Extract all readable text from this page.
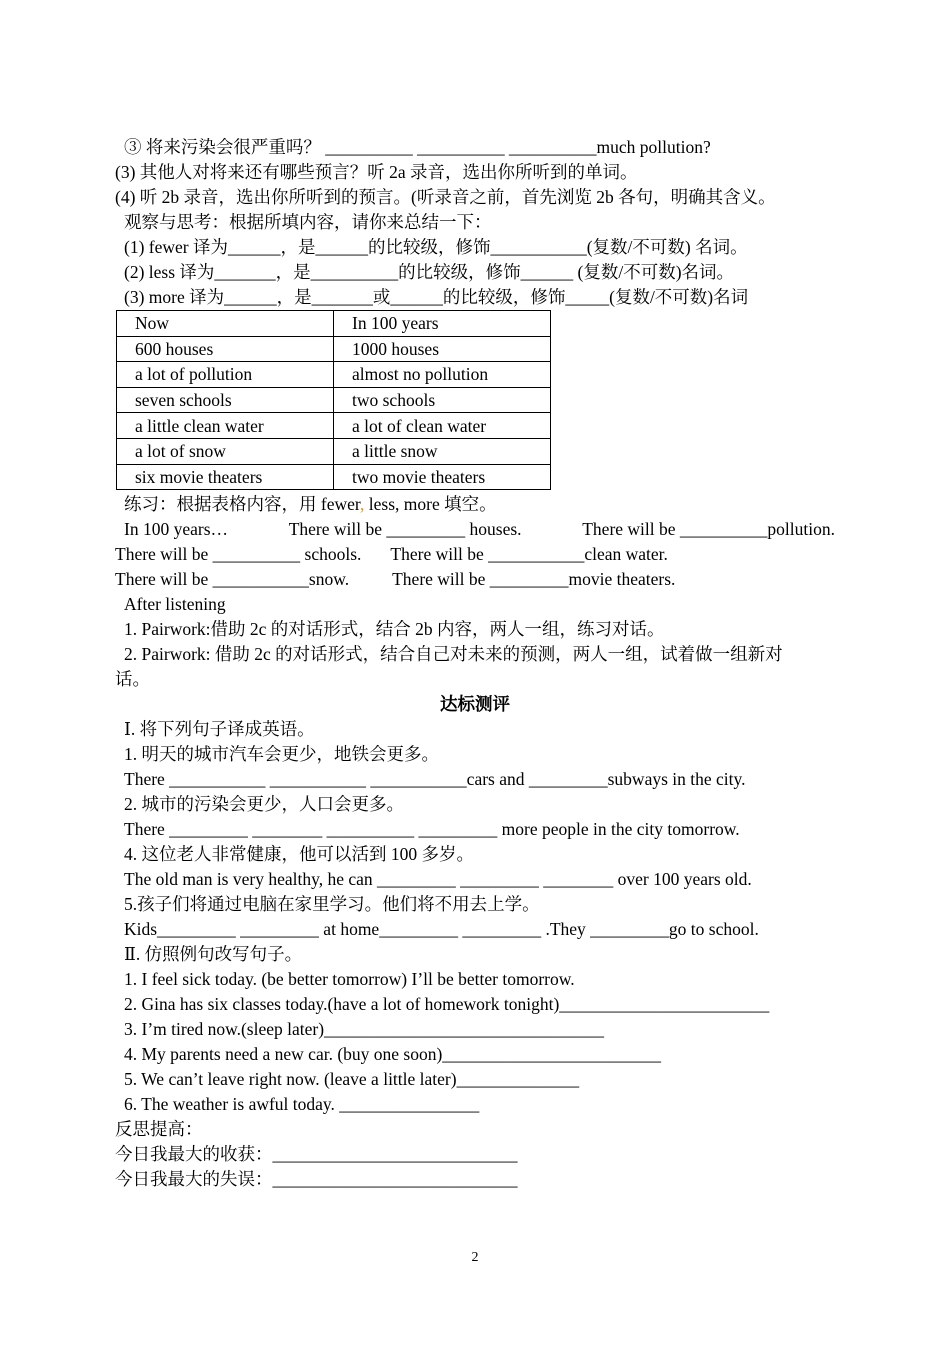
③ 将来污染会很严重吗？ __________ __________ __________much pollution?
(3) 其他人对将来还有哪些预言？听 2a 录音，选出你所听到的单词。
(4) 听 2b 录音，选出你所听到的预言。(听录音之前，首先浏览 2b 各句，明确其含义。
观察与思考：根据所填内容，请你来总结一下：
(1) fewer 译为______，是______的比较级，修饰___________(复数/不可数) 名词。
(2) less 译为_______，是__________的比较级，修饰______ (复数/不可数)名词。
(3) more 译为______，是_______或______的比较级，修饰_____(复数/不可数)名词
Now	In 100 years
600 houses	1000 houses
a lot of pollution	almost no pollution
seven schools	two schools
a little clean water	a lot of clean water
a lot of snow	a little snow
six movie theaters	two movie theaters
练习：根据表格内容，用 fewer, less, more 填空。
In 100 years…	There will be _________ houses.	There will be __________pollution.
There will be __________ schools. There will be ___________clean water.
There will be ___________snow. There will be _________movie theaters.
After listening
1. Pairwork:借助 2c 的对话形式，结合 2b 内容，两人一组，练习对话。
2. Pairwork: 借助 2c 的对话形式，结合自己对未来的预测，两人一组，试着做一组新对
话。
达标测评
Ⅰ. 将下列句子译成英语。
1. 明天的城市汽车会更少，地铁会更多。
There ___________ ___________ ___________cars and _________subways in the city.
2. 城市的污染会更少，人口会更多。
There _________ ________ __________ _________ more people in the city tomorrow.
4. 这位老人非常健康，他可以活到 100 多岁。
The old man is very healthy, he can _________ _________ ________ over 100 years old.
5.孩子们将通过电脑在家里学习。他们将不用去上学。
Kids_________ _________ at home_________ _________ .They _________go to school.
Ⅱ. 仿照例句改写句子。
1. I feel sick today. (be better tomorrow) I’ll be better tomorrow.
2. Gina has six classes today.(have a lot of homework tonight)________________________
3. I’m tired now.(sleep later)________________________________
4. My parents need a new car. (buy one soon)_________________________
5. We can’t leave right now. (leave a little later)______________
6. The weather is awful today. ________________
反思提高：
今日我最大的收获：____________________________
今日我最大的失误：____________________________
2
